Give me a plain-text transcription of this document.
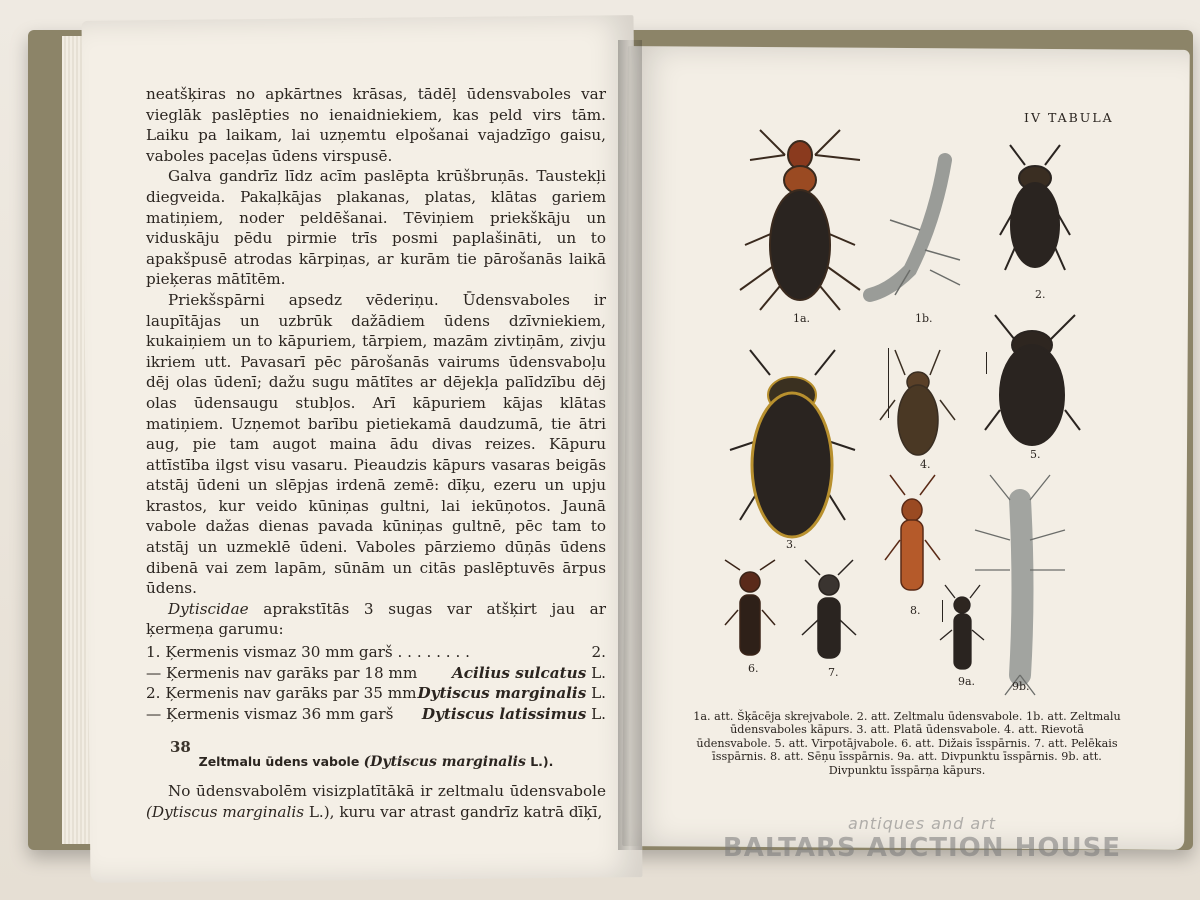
neatšķiras no apkārtnes krāsas, tādēļ ūdensvaboles var vieglāk paslēpties no ienaidniekiem, kas peld virs tām. Laiku pa laikam, lai uzņemtu elpošanai vajadzīgo gaisu, vaboles paceļas ūdens virspusē.

Galva gandrīz līdz acīm paslēpta krūšbruņās. Taustekļi diegveida. Pakaļkājas plakanas, platas, klātas gariem matiņiem, noder peldēšanai. Tēviņiem priekškāju un viduskāju pēdu pirmie trīs posmi paplašināti, un to apakšpusē atrodas kārpiņas, ar kurām tie pārošanās laikā pieķeras mātītēm.

Priekšspārni apsedz vēderiņu. Ūdensvaboles ir laupītājas un uzbrūk dažādiem ūdens dzīvniekiem, kukaiņiem un to kāpuriem, tārpiem, mazām zivtiņām, zivju ikriem utt. Pavasarī pēc pārošanās vairums ūdensvaboļu dēj olas ūdenī; dažu sugu mātītes ar dējekļa palīdzību dēj olas ūdensaugu stubļos. Arī kāpuriem kājas klātas matiņiem. Uzņemot barību pietiekamā daudzumā, tie ātri aug, pie tam augot maina ādu divas reizes. Kāpuru attīstība ilgst visu vasaru. Pieaudzis kāpurs vasaras beigās atstāj ūdeni un slēpjas irdenā zemē: dīķu, ezeru un upju krastos, kur veido kūniņas gultni, lai iekūņotos. Jaunā vabole dažas dienas pavada kūniņas gultnē, pēc tam to atstāj un uzmeklē ūdeni. Vaboles pārziemo dūņās ūdens dibenā vai zem lapām, sūnām un citās paslēptuvēs ārpus ūdens.

Dytiscidae aprakstītās 3 sugas var atšķirt jau ar ķermeņa garumu:

1. Ķermenis vismaz 30 mm garš . . . . . . . .	2.
— Ķermenis nav garāks par 18 mm Acilius sulcatus L.
2. Ķermenis nav garāks par 35 mm Dytiscus marginalis L.
— Ķermenis vismaz 36 mm garš Dytiscus latissimus L.
Zeltmalu ūdens vabole (Dytiscus marginalis L.).

No ūdensvabolēm visizplatītākā ir zeltmalu ūdensvabole (Dytiscus marginalis L.), kuru var atrast gandrīz katrā dīķī,

38
IV TABULA
1a.	1b.
2.
3.
4.
5.
6.	7.
8.
9a.	9b.
1a. att. Šķācēja skrejvabole. 2. att. Zeltmalu ūdensvabole. 1b. att. Zeltmalu ūdensvaboles kāpurs. 3. att. Platā ūdensvabole. 4. att. Rievotā ūdensvabole. 5. att. Virpotājvabole. 6. att. Dižais īsspārnis. 7. att. Pelēkais īsspārnis. 8. att. Sēņu īsspārnis. 9a. att. Divpunktu īsspārnis. 9b. att. Divpunktu īsspārņa kāpurs.
antiques and art
BALTARS AUCTION HOUSE
